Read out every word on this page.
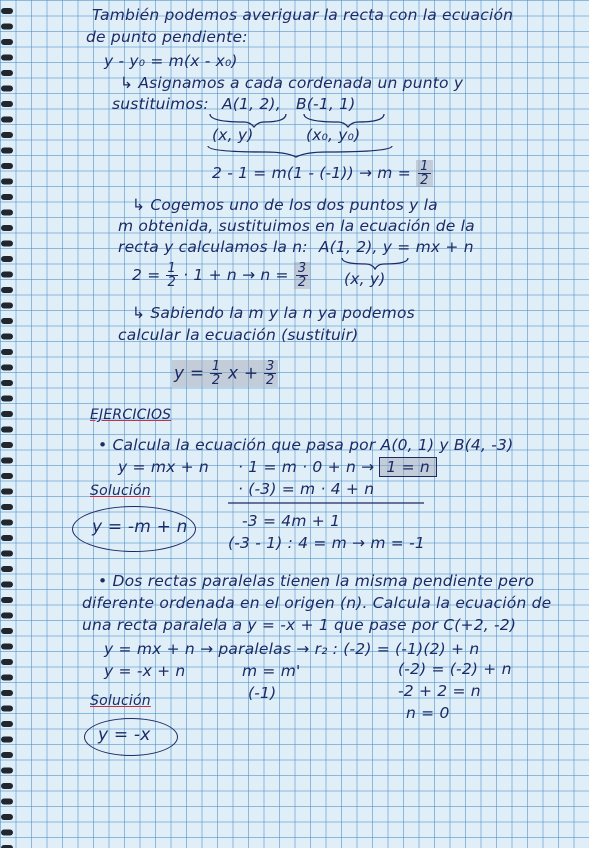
También podemos averiguar la recta con la ecuación
de punto pendiente:
y - y₀ = m(x - x₀)
↳ Asignamos a cada cordenada un punto y
sustituimos: A(1, 2), B(-1, 1)
(x, y)	(x₀, y₀)
$2 - 1 = m(1 - (-1)) \to m = \frac{1}{2}$
↳ Cogemos uno de los dos puntos y la
m obtenida, sustituimos en la ecuación de la
recta y calculamos la n: A(1, 2), y = mx + n
$2 = \frac{1}{2} \cdot 1 + n \to n = \frac{3}{2} (x$, y)
↳ Sabiendo la m y la n ya podemos
calcular la ecuación (sustituir)
$y = \frac{1}{2}$ $x + \frac{3}{2}$
EJERCICIOS
• Calcula la ecuación que pasa por A(0, 1) y B(4, -3)
y = mx + n · 1 = m · 0 + n → 1 = n
Solución	· (-3) = m · 4 + n
y = -m + n	-3 = 4m + 1
(-3 - 1) : 4 = m → m = -1
• Dos rectas paralelas tienen la misma pendiente pero
diferente ordenada en el origen (n). Calcula la ecuación de
una recta paralela a y = -x + 1 que pase por C(+2, -2)
y = mx + n → paralelas → r₂ : (-2) = (-1)(2) + n
y = -x + n	m = m'	(-2) = (-2) + n
(-1)	-2 + 2 = n
Solución
n = 0
y = -x
